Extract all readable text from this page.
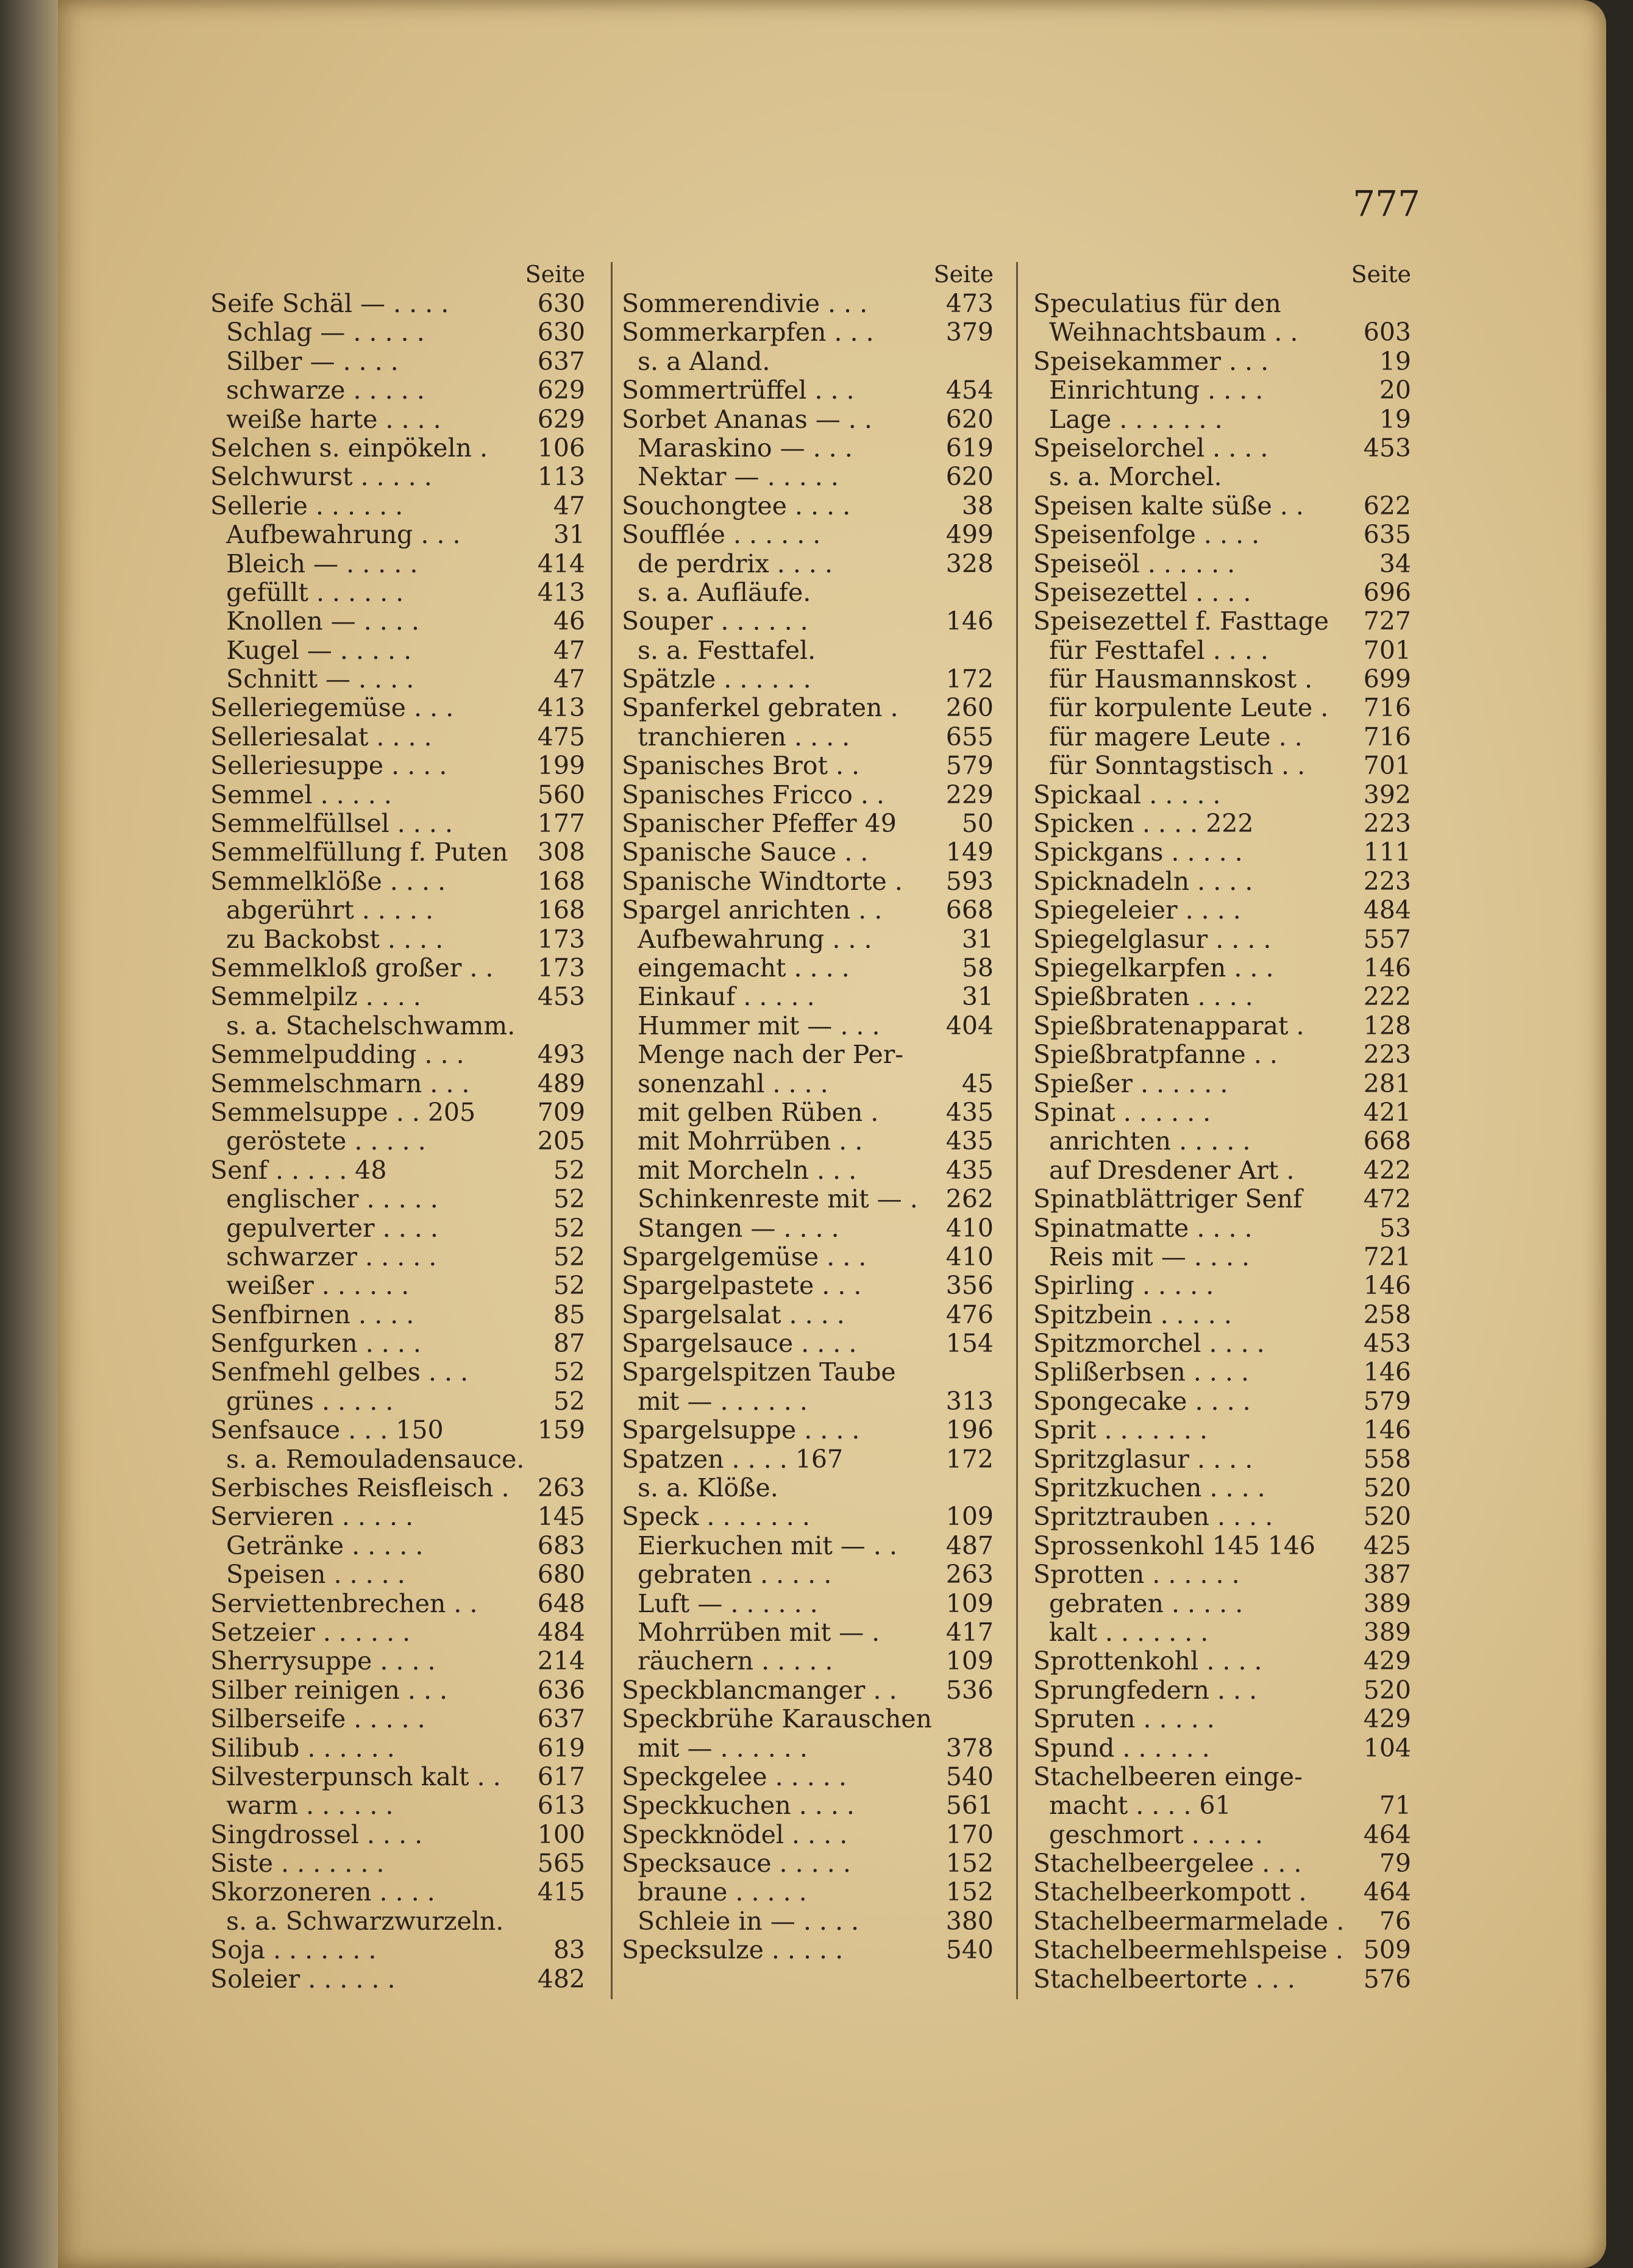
777
Seite
Seife Schäl — . . . .	630
Schlag — . . . . .	630
Silber — . . . .	637
schwarze . . . . .	629
weiße harte . . . .	629
Selchen s. einpökeln .	106
Selchwurst . . . . .	113
Sellerie . . . . . .	47
Aufbewahrung . . .	31
Bleich — . . . . .	414
gefüllt . . . . . .	413
Knollen — . . . .	46
Kugel — . . . . .	47
Schnitt — . . . .	47
Selleriegemüse . . .	413
Selleriesalat . . . .	475
Selleriesuppe . . . .	199
Semmel . . . . .	560
Semmelfüllsel . . . .	177
Semmelfüllung f. Puten	308
Semmelklöße . . . .	168
abgerührt . . . . .	168
zu Backobst . . . .	173
Semmelkloß großer . .	173
Semmelpilz . . . .	453
s. a. Stachelschwamm.
Semmelpudding . . .	493
Semmelschmarn . . .	489
Semmelsuppe . . 205	709
geröstete . . . . .	205
Senf . . . . . 48	52
englischer . . . . .	52
gepulverter . . . .	52
schwarzer . . . . .	52
weißer . . . . . .	52
Senfbirnen . . . .	85
Senfgurken . . . .	87
Senfmehl gelbes . . .	52
grünes . . . . .	52
Senfsauce . . . 150	159
s. a. Remouladensauce.
Serbisches Reisfleisch .	263
Servieren . . . . .	145
Getränke . . . . .	683
Speisen . . . . .	680
Serviettenbrechen . .	648
Setzeier . . . . . .	484
Sherrysuppe . . . .	214
Silber reinigen . . .	636
Silberseife . . . . .	637
Silibub . . . . . .	619
Silvesterpunsch kalt . .	617
warm . . . . . .	613
Singdrossel . . . .	100
Siste . . . . . . .	565
Skorzoneren . . . .	415
s. a. Schwarzwurzeln.
Soja . . . . . . .	83
Soleier . . . . . .	482
Seite
Sommerendivie . . .	473
Sommerkarpfen . . .	379
s. a Aland.
Sommertrüffel . . .	454
Sorbet Ananas — . .	620
Maraskino — . . .	619
Nektar — . . . . .	620
Souchongtee . . . .	38
Soufflée . . . . . .	499
de perdrix . . . .	328
s. a. Aufläufe.
Souper . . . . . .	146
s. a. Festtafel.
Spätzle . . . . . .	172
Spanferkel gebraten .	260
tranchieren . . . .	655
Spanisches Brot . .	579
Spanisches Fricco . .	229
Spanischer Pfeffer 49	50
Spanische Sauce . .	149
Spanische Windtorte .	593
Spargel anrichten . .	668
Aufbewahrung . . .	31
eingemacht . . . .	58
Einkauf . . . . .	31
Hummer mit — . . .	404
Menge nach der Per-
sonenzahl . . . .	45
mit gelben Rüben .	435
mit Mohrrüben . .	435
mit Morcheln . . .	435
Schinkenreste mit — .	262
Stangen — . . . .	410
Spargelgemüse . . .	410
Spargelpastete . . .	356
Spargelsalat . . . .	476
Spargelsauce . . . .	154
Spargelspitzen Taube
mit — . . . . . .	313
Spargelsuppe . . . .	196
Spatzen . . . . 167	172
s. a. Klöße.
Speck . . . . . . .	109
Eierkuchen mit — . .	487
gebraten . . . . .	263
Luft — . . . . . .	109
Mohrrüben mit — .	417
räuchern . . . . .	109
Speckblancmanger . .	536
Speckbrühe Karauschen
mit — . . . . . .	378
Speckgelee . . . . .	540
Speckkuchen . . . .	561
Speckknödel . . . .	170
Specksauce . . . . .	152
braune . . . . .	152
Schleie in — . . . .	380
Specksulze . . . . .	540
Seite
Speculatius für den
Weihnachtsbaum . .	603
Speisekammer . . .	19
Einrichtung . . . .	20
Lage . . . . . . .	19
Speiselorchel . . . .	453
s. a. Morchel.
Speisen kalte süße . .	622
Speisenfolge . . . .	635
Speiseöl . . . . . .	34
Speisezettel . . . .	696
Speisezettel f. Fasttage	727
für Festtafel . . . .	701
für Hausmannskost .	699
für korpulente Leute .	716
für magere Leute . .	716
für Sonntagstisch . .	701
Spickaal . . . . .	392
Spicken . . . . 222	223
Spickgans . . . . .	111
Spicknadeln . . . .	223
Spiegeleier . . . .	484
Spiegelglasur . . . .	557
Spiegelkarpfen . . .	146
Spießbraten . . . .	222
Spießbratenapparat .	128
Spießbratpfanne . .	223
Spießer . . . . . .	281
Spinat . . . . . .	421
anrichten . . . . .	668
auf Dresdener Art .	422
Spinatblättriger Senf	472
Spinatmatte . . . .	53
Reis mit — . . . .	721
Spirling . . . . .	146
Spitzbein . . . . .	258
Spitzmorchel . . . .	453
Splißerbsen . . . .	146
Spongecake . . . .	579
Sprit . . . . . . .	146
Spritzglasur . . . .	558
Spritzkuchen . . . .	520
Spritztrauben . . . .	520
Sprossenkohl 145 146	425
Sprotten . . . . . .	387
gebraten . . . . .	389
kalt . . . . . . .	389
Sprottenkohl . . . .	429
Sprungfedern . . .	520
Spruten . . . . .	429
Spund . . . . . .	104
Stachelbeeren einge-
macht . . . . 61	71
geschmort . . . . .	464
Stachelbeergelee . . .	79
Stachelbeerkompott .	464
Stachelbeermarmelade .	76
Stachelbeermehlspeise . 509
Stachelbeertorte . . .	576
